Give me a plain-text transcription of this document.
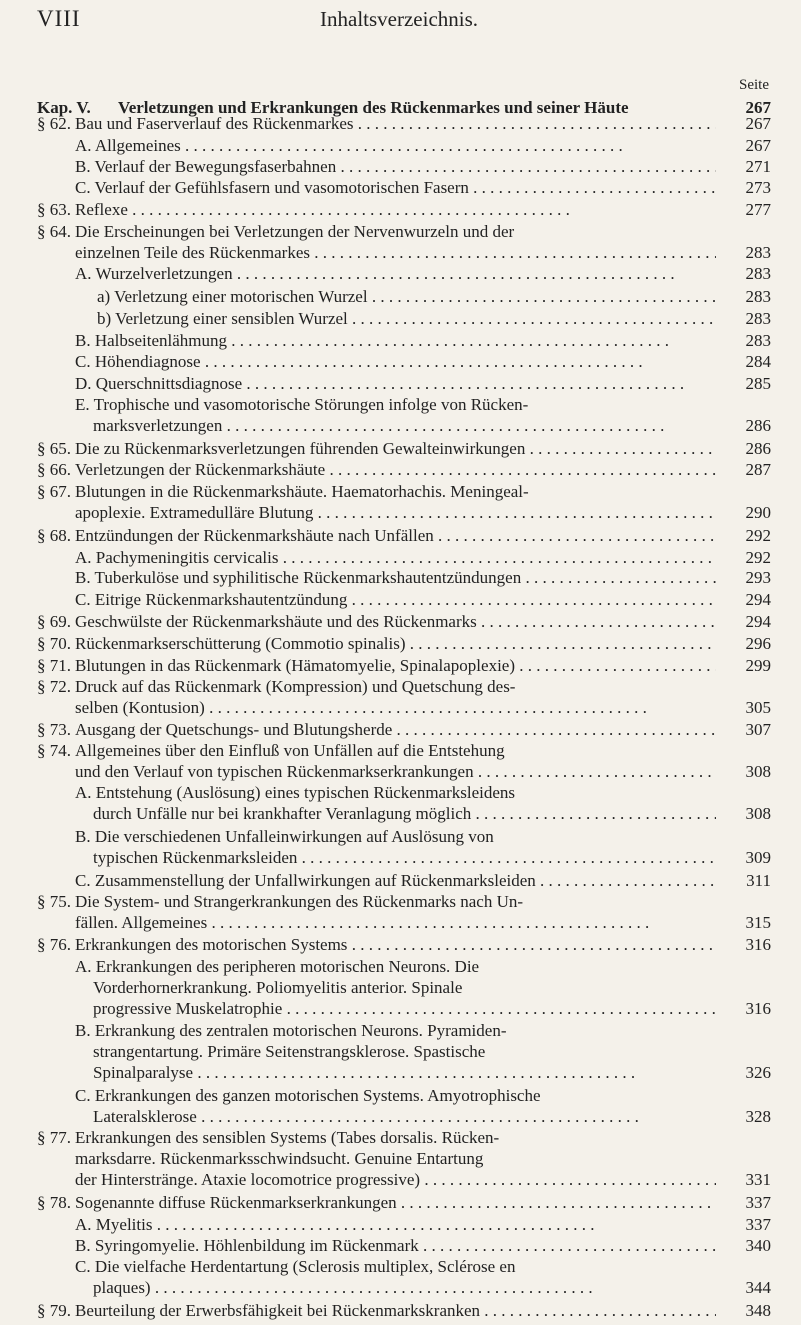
VIII	Inhaltsverzeichnis.
Seite
Kap. V. Verletzungen und Erkrankungen des Rückenmarkes und seiner Häute	267
§ 62. Bau und Faserverlauf des Rückenmarkes . . .	267
A. Allgemeines . . .	267
B. Verlauf der Bewegungsfaserbahnen . . .	271
C. Verlauf der Gefühlsfasern und vasomotorischen Fasern . . .	273
§ 63. Reflexe . . .	277
§ 64. Die Erscheinungen bei Verletzungen der Nervenwurzeln und der
einzelnen Teile des Rückenmarkes . . .	283
A. Wurzelverletzungen . . .	283
a) Verletzung einer motorischen Wurzel . . .	283
b) Verletzung einer sensiblen Wurzel . . .	283
B. Halbseitenlähmung . . .	283
C. Höhendiagnose . . .	284
D. Querschnittsdiagnose . . .	285
E. Trophische und vasomotorische Störungen infolge von Rücken-
marksverletzungen . . .	286
§ 65. Die zu Rückenmarksverletzungen führenden Gewalteinwirkungen . . .	286
§ 66. Verletzungen der Rückenmarkshäute . . .	287
§ 67. Blutungen in die Rückenmarkshäute. Haematorhachis. Meningeal-
apoplexie. Extramedulläre Blutung . . .	290
§ 68. Entzündungen der Rückenmarkshäute nach Unfällen . . .	292
A. Pachymeningitis cervicalis . . .	292
B. Tuberkulöse und syphilitische Rückenmarkshautentzündungen . . .	293
C. Eitrige Rückenmarkshautentzündung . . .	294
§ 69. Geschwülste der Rückenmarkshäute und des Rückenmarks . . .	294
§ 70. Rückenmarkserschütterung (Commotio spinalis) . . .	296
§ 71. Blutungen in das Rückenmark (Hämatomyelie, Spinalapoplexie) . . .	299
§ 72. Druck auf das Rückenmark (Kompression) und Quetschung des-
selben (Kontusion) . . .	305
§ 73. Ausgang der Quetschungs- und Blutungsherde . . .	307
§ 74. Allgemeines über den Einfluß von Unfällen auf die Entstehung
und den Verlauf von typischen Rückenmarkserkrankungen . . .	308
A. Entstehung (Auslösung) eines typischen Rückenmarksleidens
durch Unfälle nur bei krankhafter Veranlagung möglich . . .	308
B. Die verschiedenen Unfalleinwirkungen auf Auslösung von
typischen Rückenmarksleiden . . .	309
C. Zusammenstellung der Unfallwirkungen auf Rückenmarksleiden . . .	311
§ 75. Die System- und Strangerkrankungen des Rückenmarks nach Un-
fällen. Allgemeines . . .	315
§ 76. Erkrankungen des motorischen Systems . . .	316
A. Erkrankungen des peripheren motorischen Neurons. Die
Vorderhornerkrankung. Poliomyelitis anterior. Spinale
progressive Muskelatrophie . . .	316
B. Erkrankung des zentralen motorischen Neurons. Pyramiden-
strangentartung. Primäre Seitenstrangsklerose. Spastische
Spinalparalyse . . .	326
C. Erkrankungen des ganzen motorischen Systems. Amyotrophische
Lateralsklerose . . .	328
§ 77. Erkrankungen des sensiblen Systems (Tabes dorsalis. Rücken-
marksdarre. Rückenmarksschwindsucht. Genuine Entartung
der Hinterstränge. Ataxie locomotrice progressive) . . .	331
§ 78. Sogenannte diffuse Rückenmarkserkrankungen . . .	337
A. Myelitis . . .	337
B. Syringomyelie. Höhlenbildung im Rückenmark . . .	340
C. Die vielfache Herdentartung (Sclerosis multiplex, Sclérose en
plaques) . . .	344
§ 79. Beurteilung der Erwerbsfähigkeit bei Rückenmarkskranken . . .	348
